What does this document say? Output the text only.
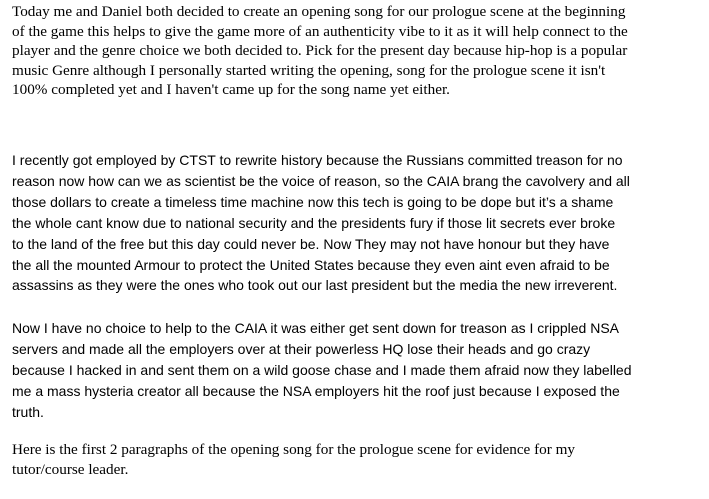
Today me and Daniel both decided to create an opening song for our prologue scene at the beginning
of the game this helps to give the game more of an authenticity vibe to it as it will help connect to the
player and the genre choice we both decided to. Pick for the present day because hip-hop is a popular
music Genre although I personally started writing the opening, song for the prologue scene it isn't
100% completed yet and I haven't came up for the song name yet either.

I recently got employed by CTST to rewrite history because the Russians committed treason for no
reason now how can we as scientist be the voice of reason, so the CAIA brang the cavolvery and all
those dollars to create a timeless time machine now this tech is going to be dope but it’s a shame
the whole cant know due to national security and the presidents fury if those lit secrets ever broke
to the land of the free but this day could never be. Now They may not have honour but they have
the all the mounted Armour to protect the United States because they even aint even afraid to be
assassins as they were the ones who took out our last president but the media the new irreverent.

Now I have no choice to help to the CAIA it was either get sent down for treason as I crippled NSA
servers and made all the employers over at their powerless HQ lose their heads and go crazy
because I hacked in and sent them on a wild goose chase and I made them afraid now they labelled
me a mass hysteria creator all because the NSA employers hit the roof just because I exposed the
truth.

Here is the first 2 paragraphs of the opening song for the prologue scene for evidence for my
tutor/course leader.
